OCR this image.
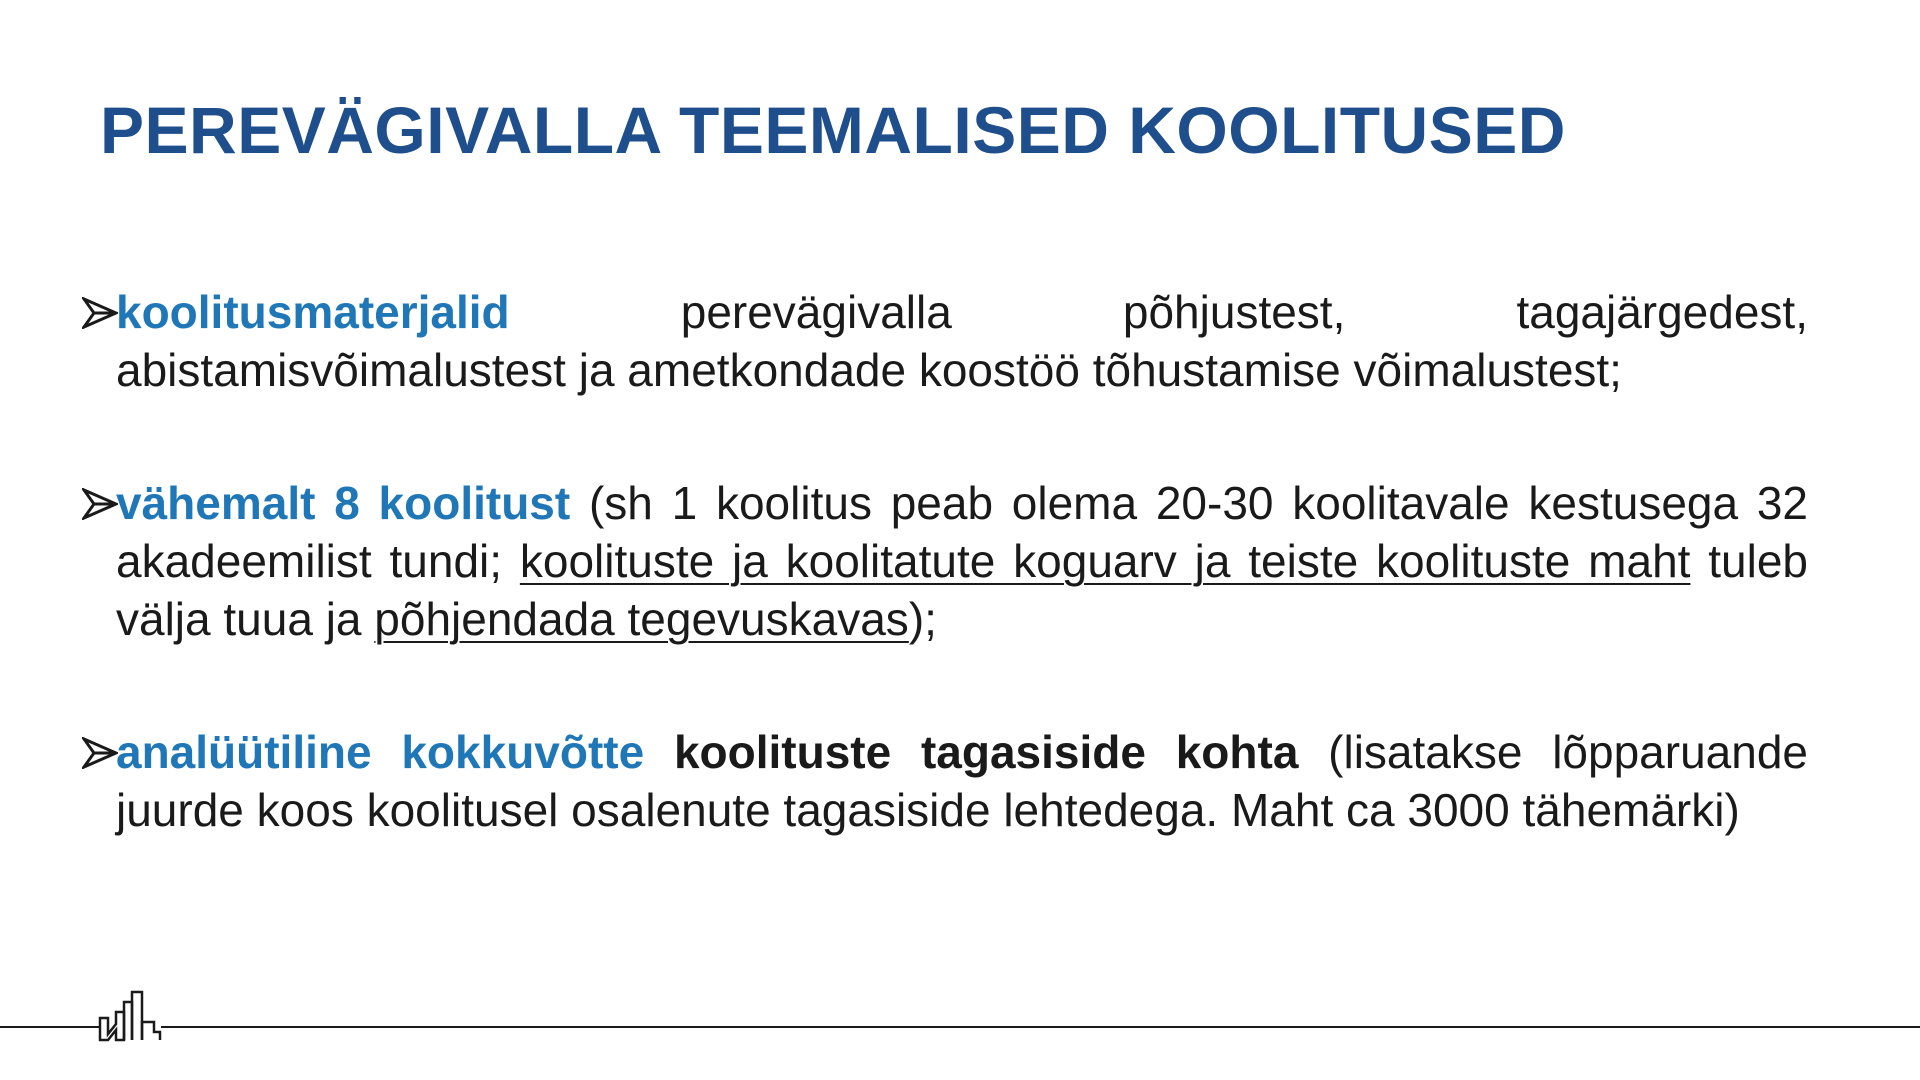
PEREVÄGIVALLA TEEMALISED KOOLITUSED
koolitusmaterjalid perevägivalla põhjustest, tagajärgedest,
abistamisvõimalustest ja ametkondade koostöö tõhustamise võimalustest;
vähemalt 8 koolitust (sh 1 koolitus peab olema 20-30 koolitavale kestusega 32 akadeemilist tundi; koolituste ja koolitatute koguarv ja teiste koolituste maht tuleb välja tuua ja põhjendada tegevuskavas);
analüütiline kokkuvõtte koolituste tagasiside kohta (lisatakse lõpparuande juurde koos koolitusel osalenute tagasiside lehtedega. Maht ca 3000 tähemärki)
